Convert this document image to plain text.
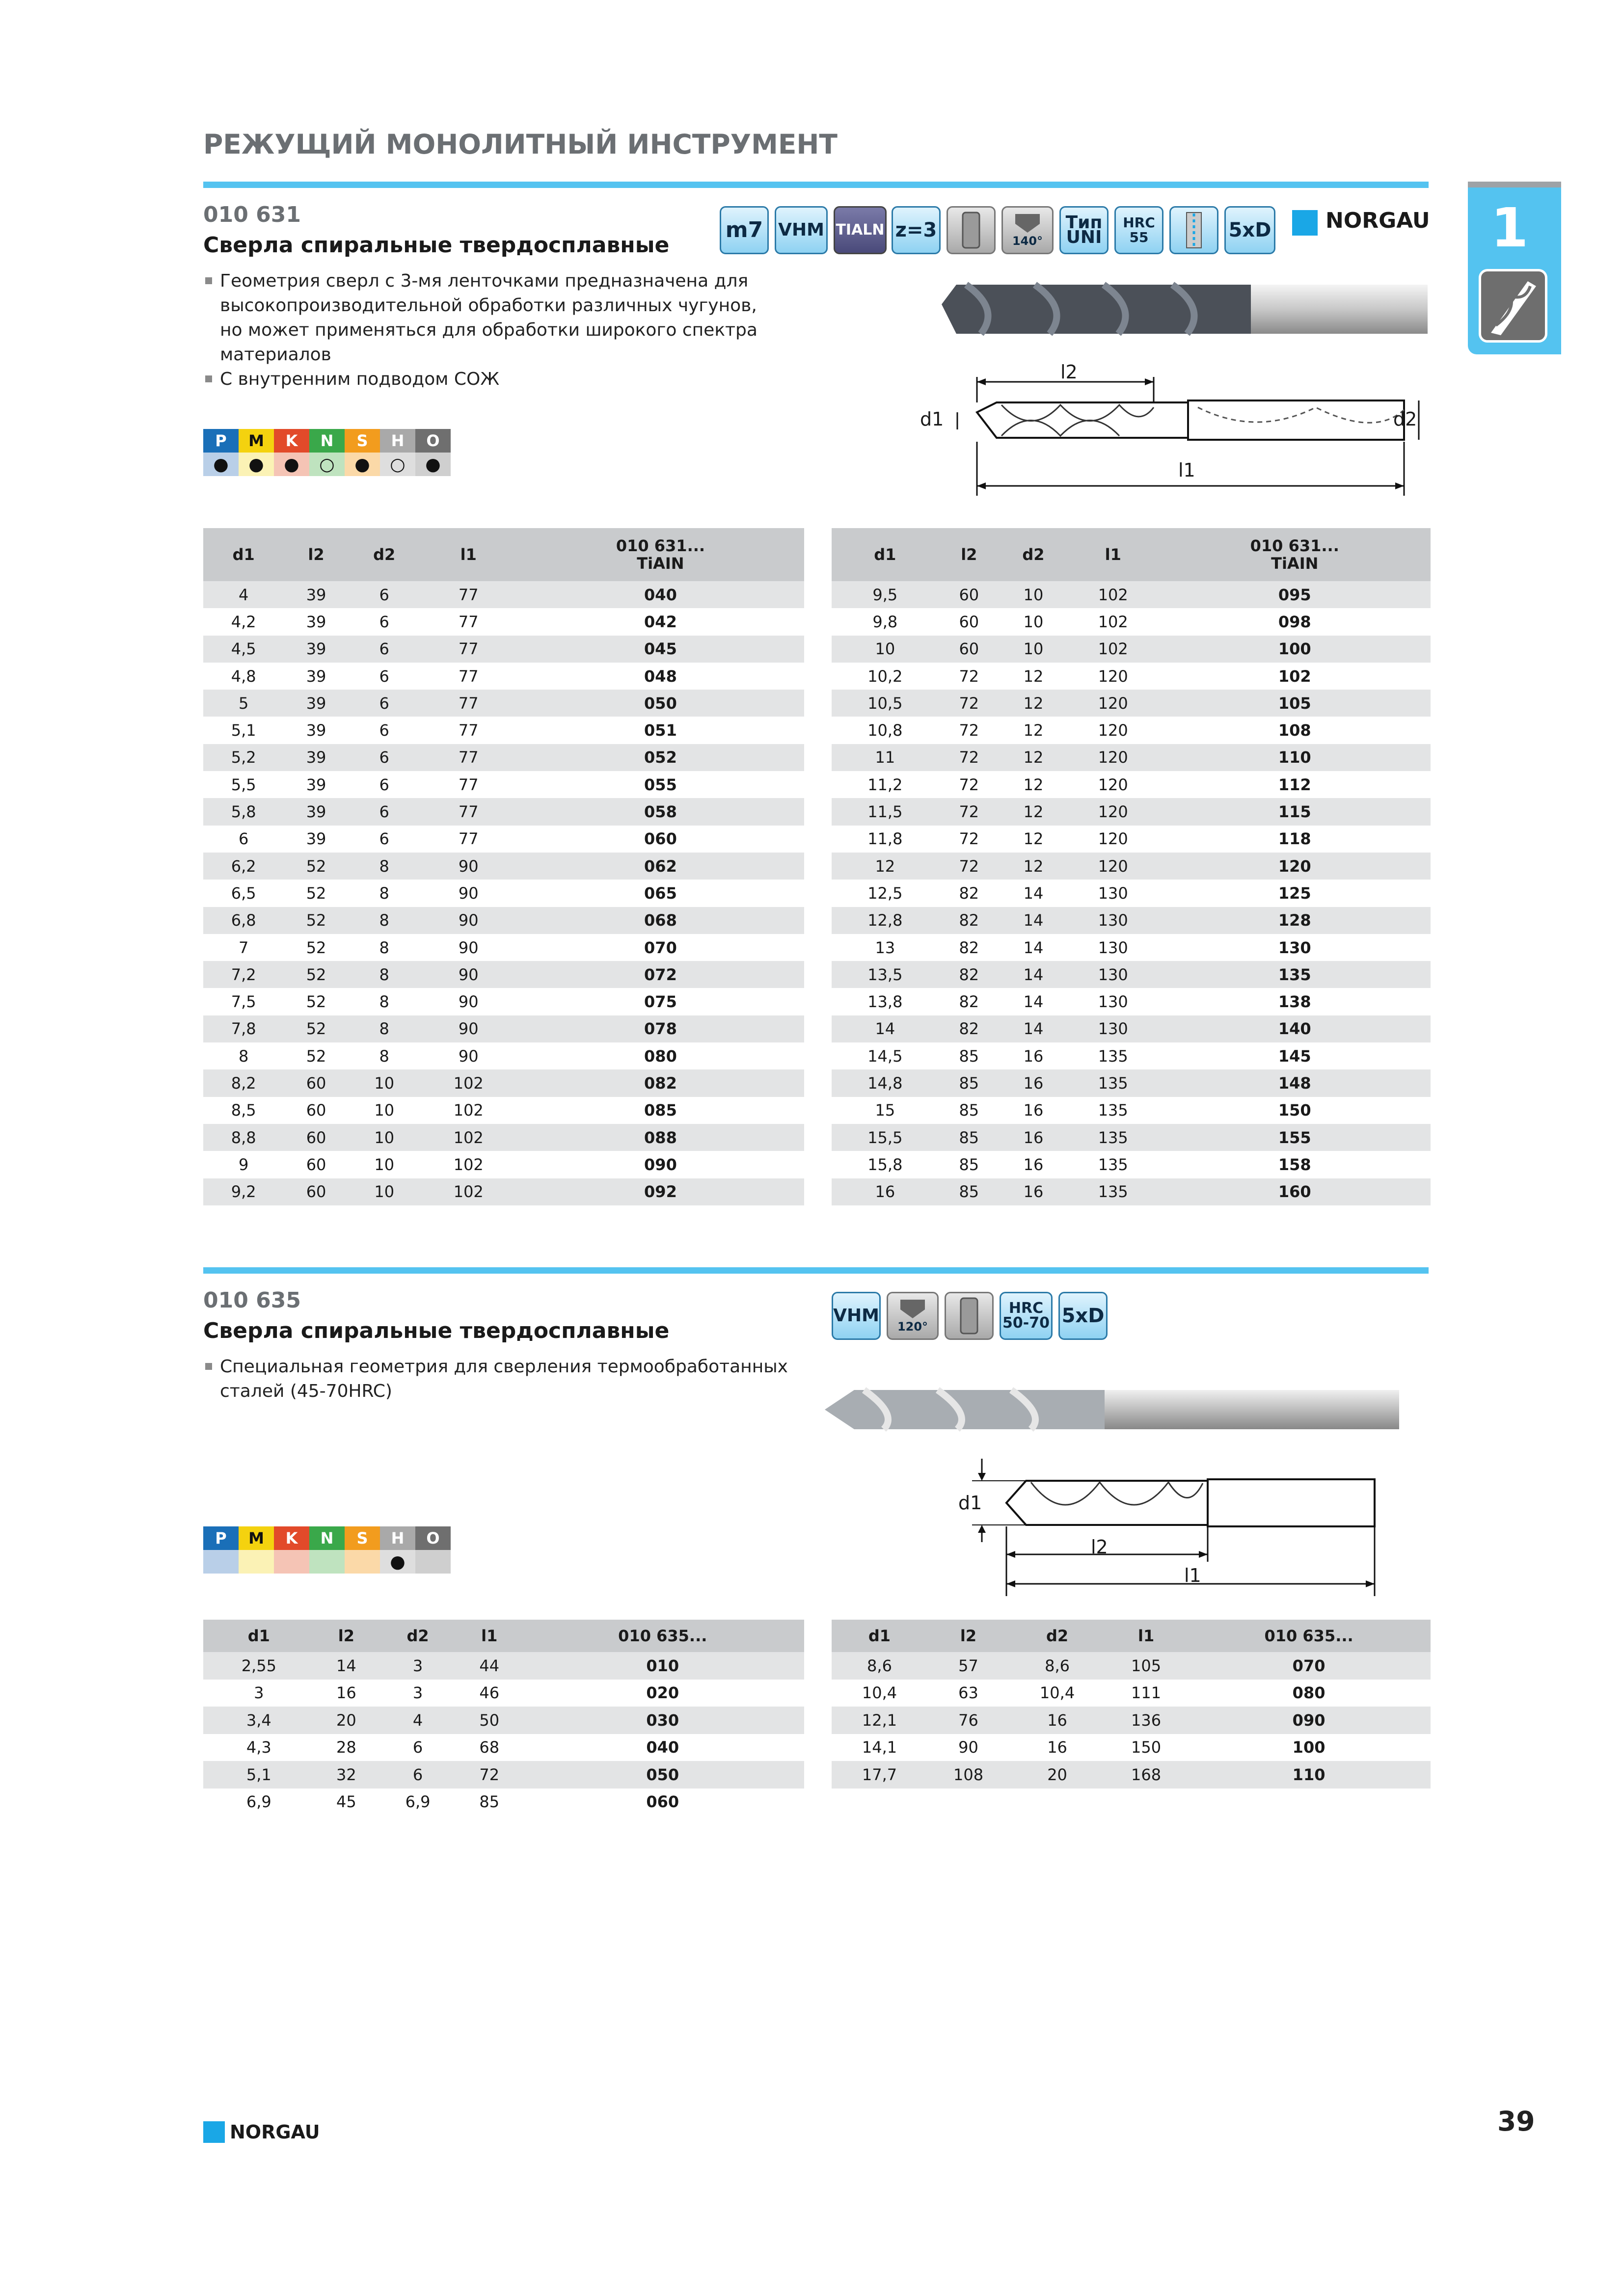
РЕЖУЩИЙ МОНОЛИТНЫЙ ИНСТРУМЕНТ
1
010 631
Сверла спиральные твердосплавные
Геометрия сверл с 3-мя ленточками предназначена для
высокопроизводительной обработки различных чугунов,
но может применяться для обработки широкого спектра
материалов
С внутренним подводом СОЖ
m7 VHM TIALN z=3	140°
Тип
UNI
HRC
55	5xD	NORGAU
l2
d1	d2
l1
P	M	K	N	S	H	O
●	●	●	○	●	○	●
d1	l2	d2	l1	010 631...
TiAIN
4	39	6	77	040
4,2	39	6	77	042
4,5	39	6	77	045
4,8	39	6	77	048
5	39	6	77	050
5,1	39	6	77	051
5,2	39	6	77	052
5,5	39	6	77	055
5,8	39	6	77	058
6	39	6	77	060
6,2	52	8	90	062
6,5	52	8	90	065
6,8	52	8	90	068
7	52	8	90	070
7,2	52	8	90	072
7,5	52	8	90	075
7,8	52	8	90	078
8	52	8	90	080
8,2	60	10	102	082
8,5	60	10	102	085
8,8	60	10	102	088
9	60	10	102	090
9,2	60	10	102	092
d1	l2	d2	l1	010 631...
TiAIN
9,5	60	10	102	095
9,8	60	10	102	098
10	60	10	102	100
10,2	72	12	120	102
10,5	72	12	120	105
10,8	72	12	120	108
11	72	12	120	110
11,2	72	12	120	112
11,5	72	12	120	115
11,8	72	12	120	118
12	72	12	120	120
12,5	82	14	130	125
12,8	82	14	130	128
13	82	14	130	130
13,5	82	14	130	135
13,8	82	14	130	138
14	82	14	130	140
14,5	85	16	135	145
14,8	85	16	135	148
15	85	16	135	150
15,5	85	16	135	155
15,8	85	16	135	158
16	85	16	135	160
010 635
Сверла спиральные твердосплавные
Специальная геометрия для сверления термообработанных
сталей (45-70HRC)
VHM
120°
HRC
50-70 5xD
d1
l2
l1
P	M	K	N	S	H	O
●
d1	l2	d2	l1	010 635...
2,55	14	3	44	010
3	16	3	46	020
3,4	20	4	50	030
4,3	28	6	68	040
5,1	32	6	72	050
6,9	45	6,9	85	060
d1	l2	d2	l1	010 635...
8,6	57	8,6	105	070
10,4	63	10,4	111	080
12,1	76	16	136	090
14,1	90	16	150	100
17,7	108	20	168	110
NORGAU	39
